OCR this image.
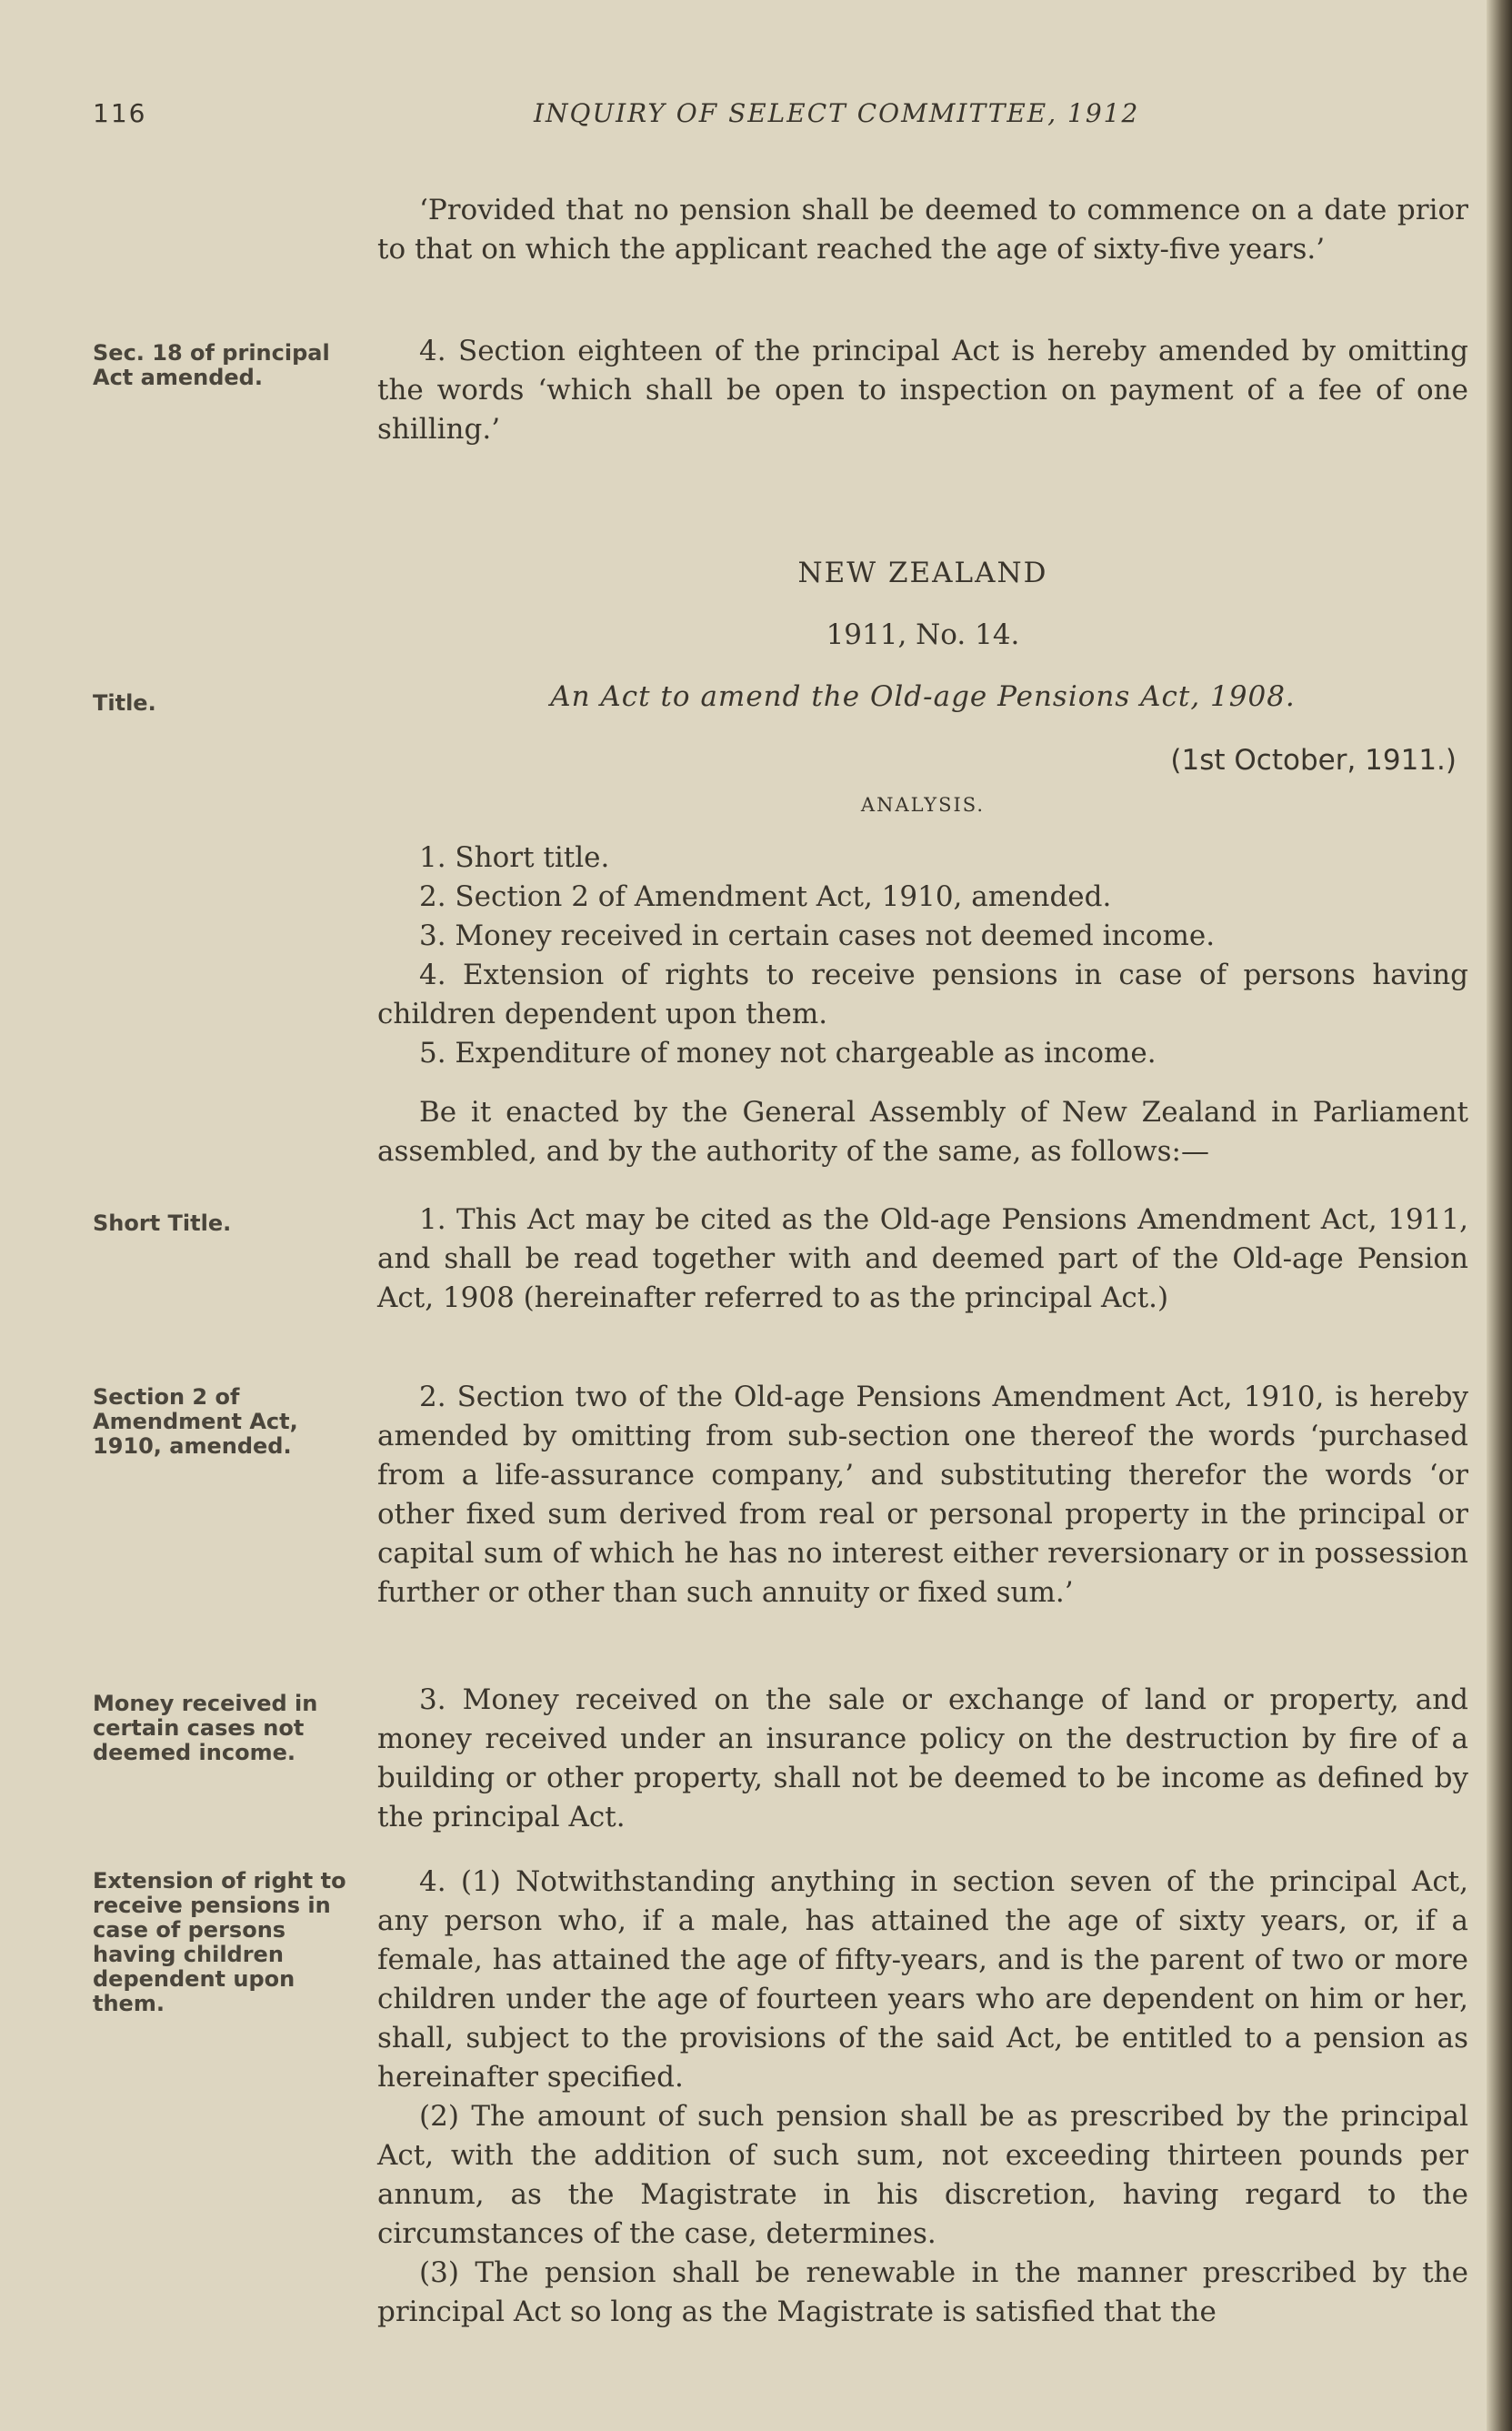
116	INQUIRY OF SELECT COMMITTEE, 1912

‘Provided that no pension shall be deemed to commence on a date prior to that on which the applicant reached the age of sixty-five years.’

Sec. 18 of principal Act amended.

4. Section eighteen of the principal Act is hereby amended by omitting the words ‘which shall be open to inspection on payment of a fee of one shilling.’

NEW ZEALAND
1911, No. 14.
Title.	An Act to amend the Old-age Pensions Act, 1908.
(1st October, 1911.)
ANALYSIS.
1. Short title.
2. Section 2 of Amendment Act, 1910, amended.
3. Money received in certain cases not deemed income.
4. Extension of rights to receive pensions in case of persons having children dependent upon them.
5. Expenditure of money not chargeable as income.

Be it enacted by the General Assembly of New Zealand in Parliament assembled, and by the authority of the same, as follows:—

Short Title.	1. This Act may be cited as the Old-age Pensions Amendment Act, 1911, and shall be read together with and deemed part of the Old-age Pension Act, 1908 (hereinafter referred to as the principal Act.)

Section 2 of Amendment Act, 1910, amended.

2. Section two of the Old-age Pensions Amendment Act, 1910, is hereby amended by omitting from sub-section one thereof the words ‘purchased from a life-assurance company,’ and substituting therefor the words ‘or other fixed sum derived from real or personal property in the principal or capital sum of which he has no interest either reversionary or in possession further or other than such annuity or fixed sum.’

Money received in certain cases not deemed income.

3. Money received on the sale or exchange of land or property, and money received under an insurance policy on the destruction by fire of a building or other property, shall not be deemed to be income as defined by the principal Act.

Extension of right to receive pensions in case of persons having children dependent upon them.

4. (1) Notwithstanding anything in section seven of the principal Act, any person who, if a male, has attained the age of sixty years, or, if a female, has attained the age of fifty-years, and is the parent of two or more children under the age of fourteen years who are dependent on him or her, shall, subject to the provisions of the said Act, be entitled to a pension as hereinafter specified.

(2) The amount of such pension shall be as prescribed by the principal Act, with the addition of such sum, not exceeding thirteen pounds per annum, as the Magistrate in his discretion, having regard to the circumstances of the case, determines.

(3) The pension shall be renewable in the manner prescribed by the principal Act so long as the Magistrate is satisfied that the
